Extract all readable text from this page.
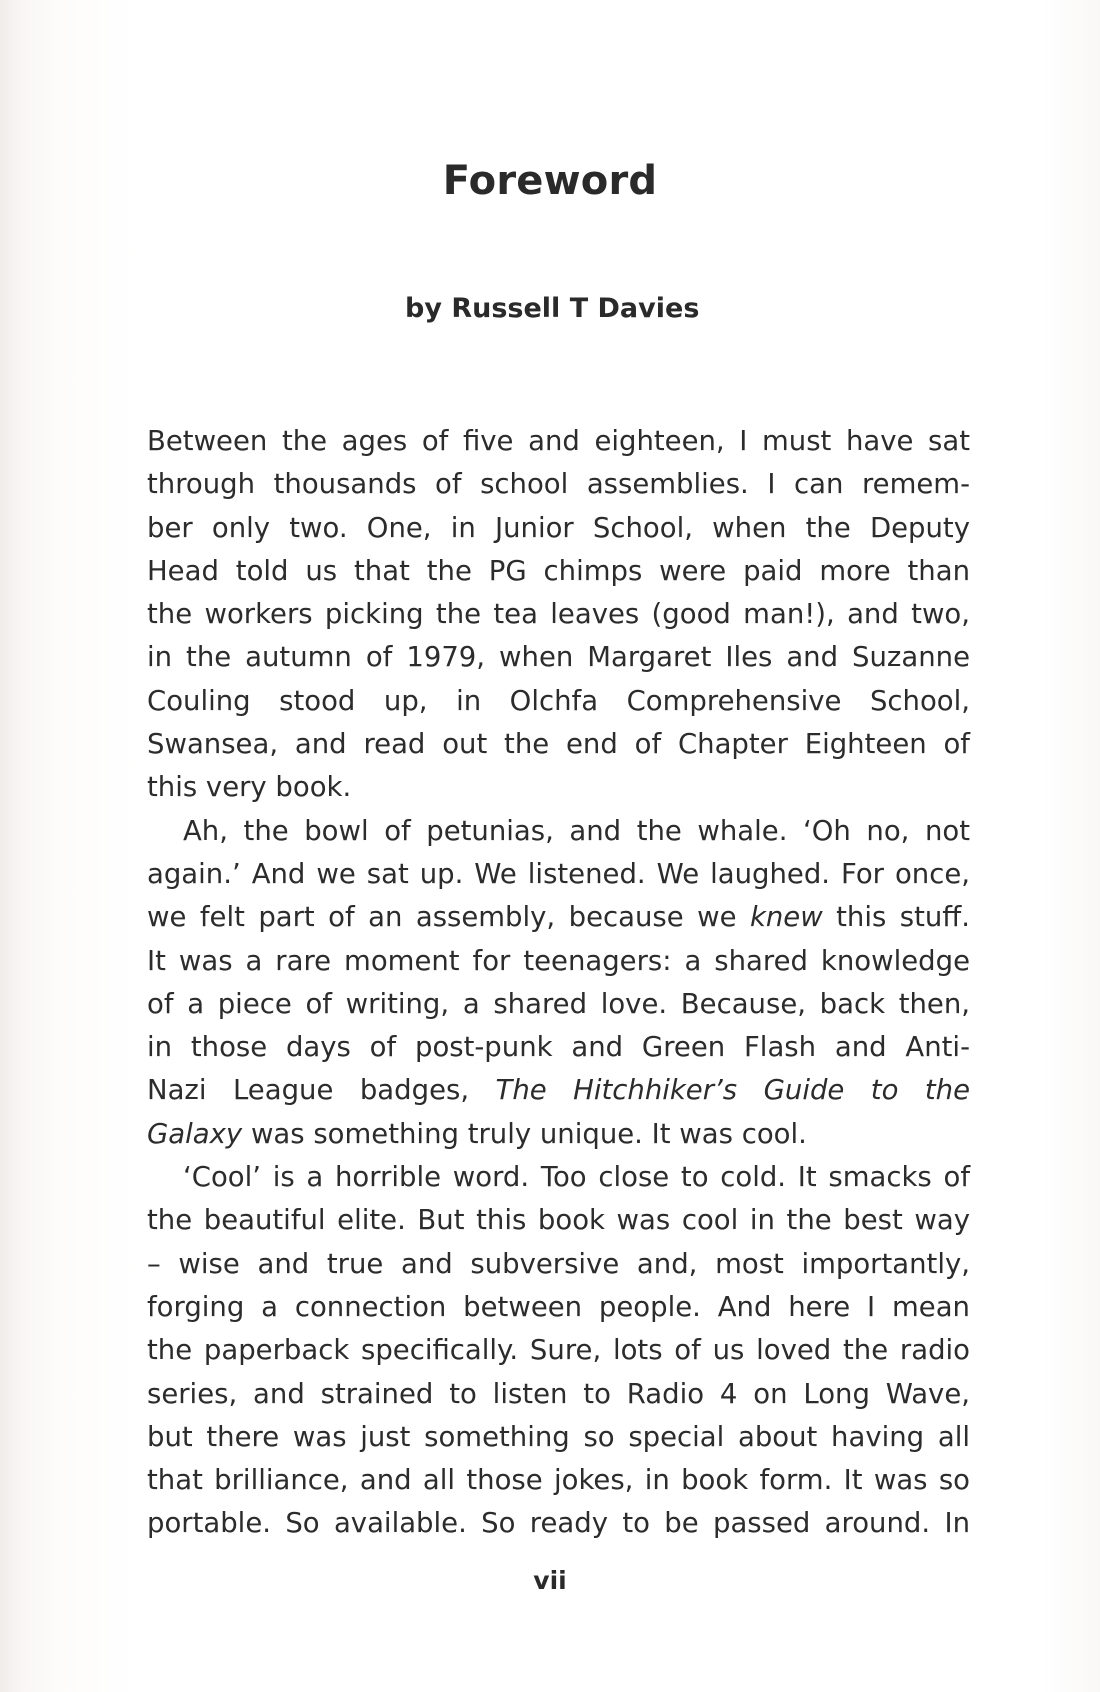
Foreword

by Russell T Davies

Between the ages of five and eighteen, I must have sat
through thousands of school assemblies. I can remem-
ber only two. One, in Junior School, when the Deputy
Head told us that the PG chimps were paid more than
the workers picking the tea leaves (good man!), and two,
in the autumn of 1979, when Margaret Iles and Suzanne
Couling stood up, in Olchfa Comprehensive School,
Swansea, and read out the end of Chapter Eighteen of
this very book.

Ah, the bowl of petunias, and the whale. ‘Oh no, not
again.’ And we sat up. We listened. We laughed. For once,
we felt part of an assembly, because we knew this stuff.
It was a rare moment for teenagers: a shared knowledge
of a piece of writing, a shared love. Because, back then,
in those days of post-punk and Green Flash and Anti-
Nazi League badges, The Hitchhiker’s Guide to the
Galaxy was something truly unique. It was cool.

‘Cool’ is a horrible word. Too close to cold. It smacks of
the beautiful elite. But this book was cool in the best way
– wise and true and subversive and, most importantly,
forging a connection between people. And here I mean
the paperback specifically. Sure, lots of us loved the radio
series, and strained to listen to Radio 4 on Long Wave,
but there was just something so special about having all
that brilliance, and all those jokes, in book form. It was so
portable. So available. So ready to be passed around. In

vii
